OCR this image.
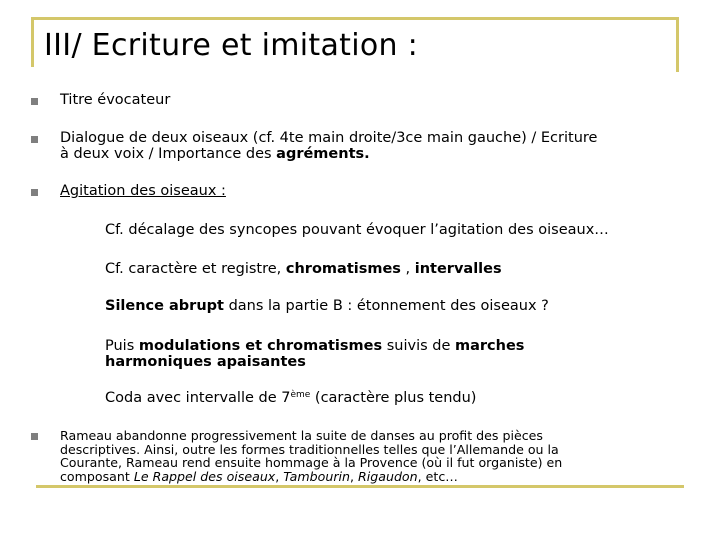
III/ Ecriture et imitation :
Titre évocateur
Dialogue de deux oiseaux (cf. 4te main droite/3ce main gauche) / Ecriture
à deux voix / Importance des agréments.
Agitation des oiseaux :
Cf. décalage des syncopes pouvant évoquer l’agitation des oiseaux…
Cf. caractère et registre, chromatismes , intervalles
Silence abrupt dans la partie B : étonnement des oiseaux ?
Puis modulations et chromatismes suivis de marches
harmoniques apaisantes
Coda avec intervalle de 7ème (caractère plus tendu)
Rameau abandonne progressivement la suite de danses au profit des pièces
descriptives. Ainsi, outre les formes traditionnelles telles que l’Allemande ou la
Courante, Rameau rend ensuite hommage à la Provence (où il fut organiste) en
composant Le Rappel des oiseaux, Tambourin, Rigaudon, etc…
